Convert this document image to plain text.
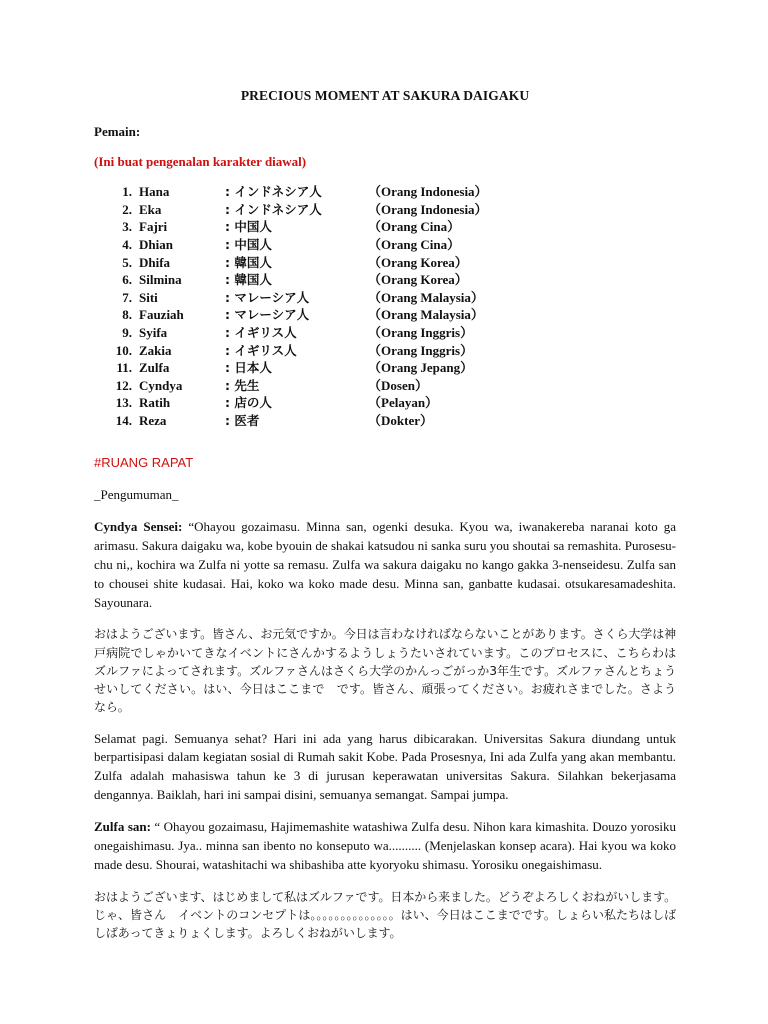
PRECIOUS MOMENT AT SAKURA DAIGAKU
Pemain:
(Ini buat pengenalan karakter diawal)
1. Hana	: インドネシア人	（Orang Indonesia）
2. Eka	: インドネシア人	（Orang Indonesia）
3. Fajri	: 中国人	（Orang Cina）
4. Dhian	: 中国人	（Orang Cina）
5. Dhifa	: 韓国人	（Orang Korea）
6. Silmina	: 韓国人	（Orang Korea）
7. Siti	: マレーシア人	（Orang Malaysia）
8. Fauziah	: マレーシア人	（Orang Malaysia）
9. Syifa	: イギリス人	（Orang Inggris）
10. Zakia	: イギリス人	（Orang Inggris）
11. Zulfa	: 日本人	（Orang Jepang）
12. Cyndya	: 先生	（Dosen）
13. Ratih	: 店の人	（Pelayan）
14. Reza	: 医者	（Dokter）
#RUANG RAPAT
_Pengumuman_

Cyndya Sensei: “Ohayou gozaimasu. Minna san, ogenki desuka. Kyou wa, iwanakereba naranai koto ga arimasu. Sakura daigaku wa, kobe byouin de shakai katsudou ni sanka suru you shoutai sa remashita. Purosesu-chu ni,, kochira wa Zulfa ni yotte sa remasu. Zulfa wa sakura daigaku no kango gakka 3-nenseidesu. Zulfa san to chousei shite kudasai. Hai, koko wa koko made desu. Minna san, ganbatte kudasai. otsukaresamadeshita. Sayounara.

おはようございます。皆さん、お元気ですか。今日は言わなければならないことがあります。さくら大学は神戸病院でしゃかいてきなイベントにさんかするようしょうたいされています。このプロセスに、こちらわはズルファによってされます。ズルファさんはさくら大学のかんっごがっか3年生です。ズルファさんとちょうせいしてください。はい、今日はここまで　です。皆さん、頑張ってください。お疲れさまでした。さようなら。

Selamat pagi. Semuanya sehat? Hari ini ada yang harus dibicarakan. Universitas Sakura diundang untuk berpartisipasi dalam kegiatan sosial di Rumah sakit Kobe. Pada Prosesnya, Ini ada Zulfa yang akan membantu. Zulfa adalah mahasiswa tahun ke 3 di jurusan keperawatan universitas Sakura. Silahkan bekerjasama dengannya. Baiklah, hari ini sampai disini, semuanya semangat. Sampai jumpa.

Zulfa san: “ Ohayou gozaimasu, Hajimemashite watashiwa Zulfa desu. Nihon kara kimashita. Douzo yorosiku onegaishimasu. Jya.. minna san ibento no konseputo wa.......... (Menjelaskan konsep acara). Hai kyou wa koko made desu. Shourai, watashitachi wa shibashiba atte kyoryoku shimasu. Yorosiku onegaishimasu.

おはようございます、はじめまして私はズルファです。日本から来ました。どうぞよろしくおねがいします。じゃ、皆さん　イベントのコンセプトは。。。。。。。。。。。。。。はい、今日はここまでです。しょらい私たちはしばしばあってきょりょくします。よろしくおねがいします。
